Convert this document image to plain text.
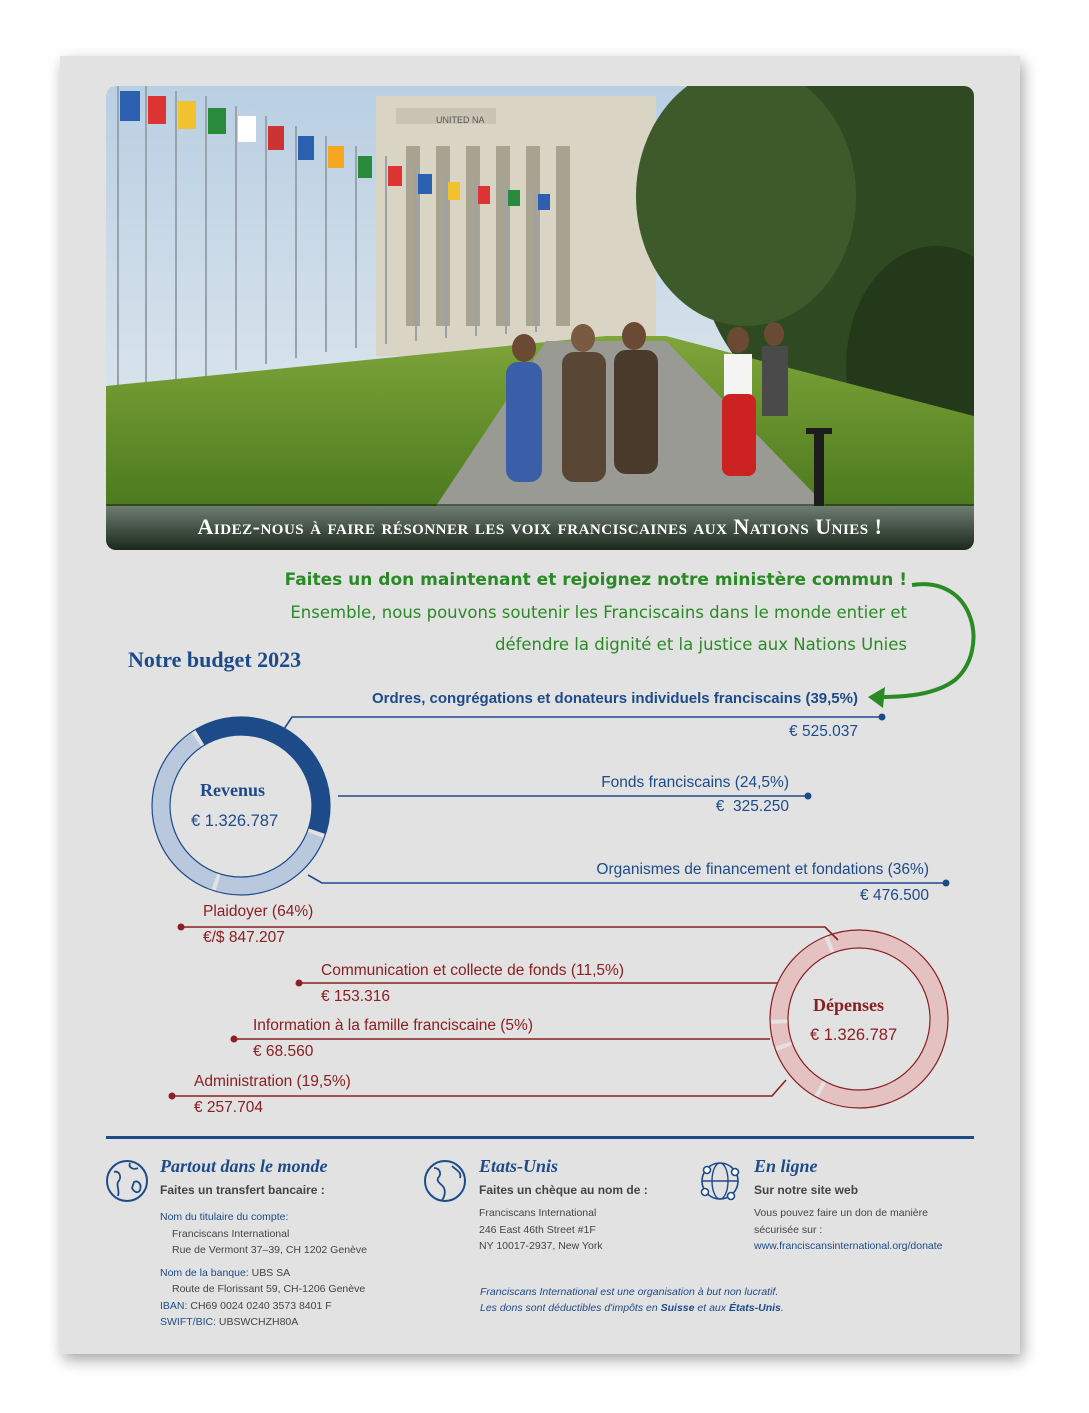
UNITED NA
Aidez-nous à faire résonner les voix franciscaines aux Nations Unies !
Faites un don maintenant et rejoignez notre ministère commun !
Ensemble, nous pouvons soutenir les Franciscains dans le monde entier et
défendre la dignité et la justice aux Nations Unies
Notre budget 2023
Ordres, congrégations et donateurs individuels franciscains (39,5%)
€ 525.037
Fonds franciscains (24,5%)
€  325.250
Organismes de financement et fondations (36%)
€ 476.500
Revenus
€ 1.326.787
Plaidoyer (64%)
€/$ 847.207
Communication et collecte de fonds (11,5%)
€ 153.316
Information à la famille franciscaine (5%)
€ 68.560
Administration (19,5%)
€ 257.704
Dépenses
€ 1.326.787
Partout dans le monde
Faites un transfert bancaire :
Nom du titulaire du compte:
Franciscans International
Rue de Vermont 37–39, CH 1202 Genève
Nom de la banque: UBS SA
Route de Florissant 59, CH-1206 Genève
IBAN: CH69 0024 0240 3573 8401 F
SWIFT/BIC: UBSWCHZH80A
Etats-Unis
Faites un chèque au nom de :
Franciscans International
246 East 46th Street #1F
NY 10017-2937, New York
En ligne
Sur notre site web
Vous pouvez faire un don de manière
sécurisée sur :
www.franciscansinternational.org/donate
Franciscans International est une organisation à but non lucratif.
Les dons sont déductibles d'impôts en Suisse et aux États-Unis.
